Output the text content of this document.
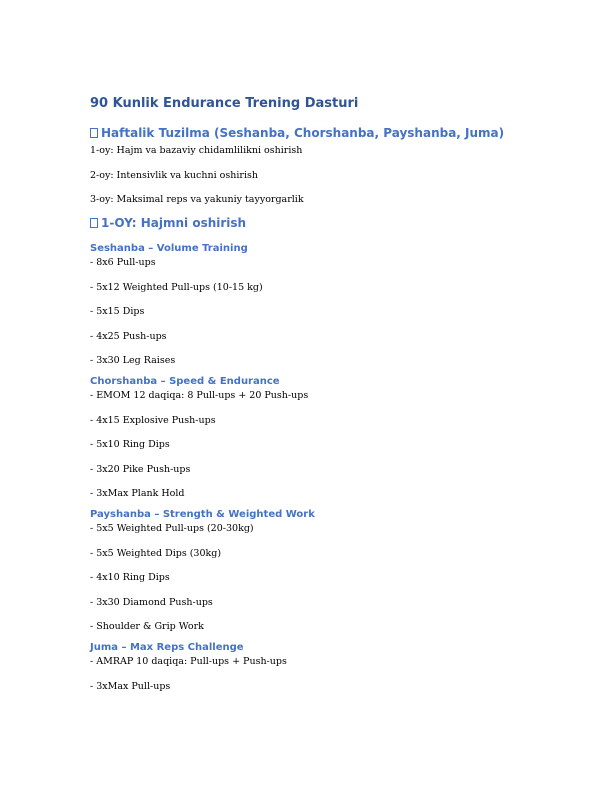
90 Kunlik Endurance Trening Dasturi
Haftalik Tuzilma (Seshanba, Chorshanba, Payshanba, Juma)
1-oy: Hajm va bazaviy chidamlilikni oshirish
2-oy: Intensivlik va kuchni oshirish
3-oy: Maksimal reps va yakuniy tayyorgarlik
1-OY: Hajmni oshirish
Seshanba – Volume Training
- 8x6 Pull-ups
- 5x12 Weighted Pull-ups (10-15 kg)
- 5x15 Dips
- 4x25 Push-ups
- 3x30 Leg Raises
Chorshanba – Speed & Endurance
- EMOM 12 daqiqa: 8 Pull-ups + 20 Push-ups
- 4x15 Explosive Push-ups
- 5x10 Ring Dips
- 3x20 Pike Push-ups
- 3xMax Plank Hold
Payshanba – Strength & Weighted Work
- 5x5 Weighted Pull-ups (20-30kg)
- 5x5 Weighted Dips (30kg)
- 4x10 Ring Dips
- 3x30 Diamond Push-ups
- Shoulder & Grip Work
Juma – Max Reps Challenge
- AMRAP 10 daqiqa: Pull-ups + Push-ups
- 3xMax Pull-ups
